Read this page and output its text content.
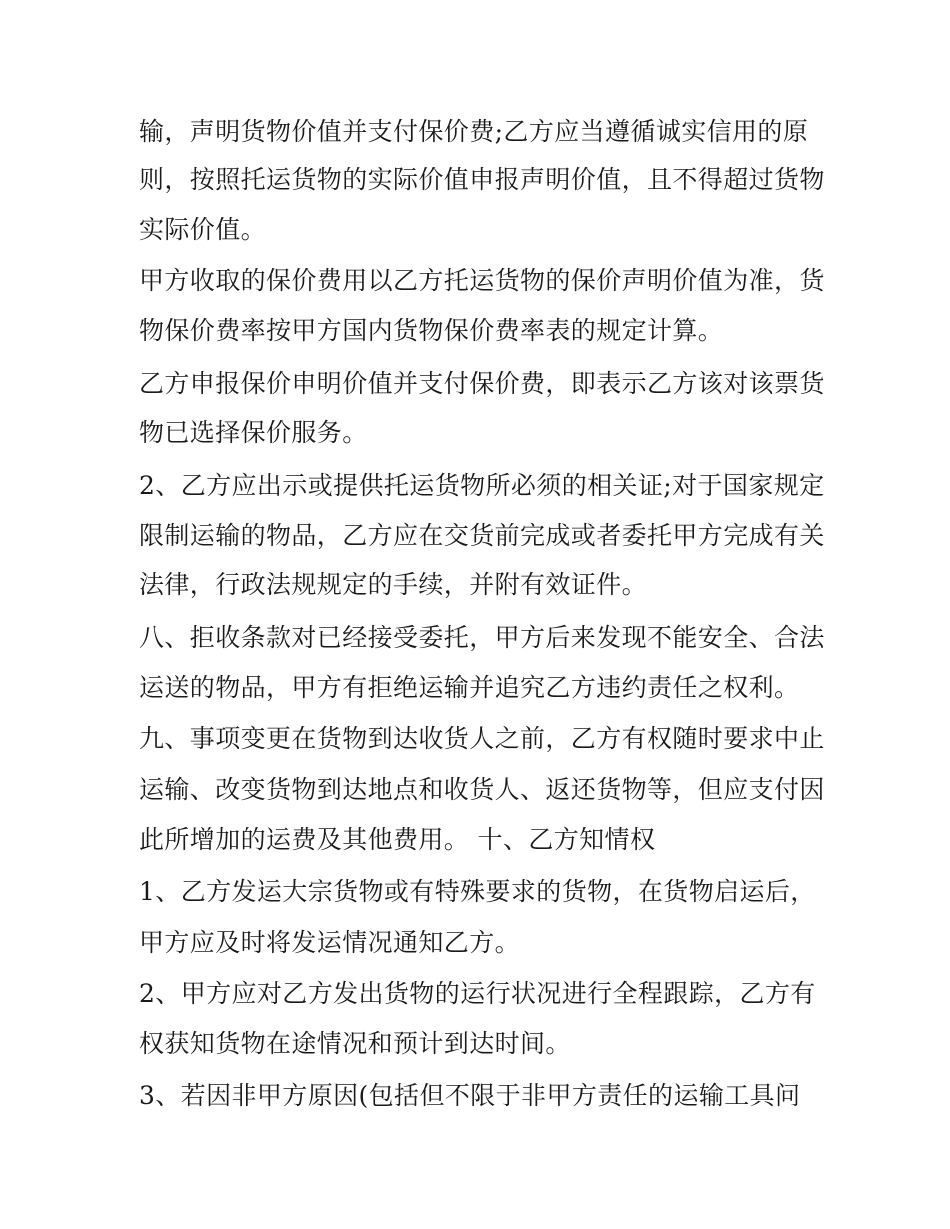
输，声明货物价值并支付保价费;乙方应当遵循诚实信用的原
则，按照托运货物的实际价值申报声明价值，且不得超过货物
实际价值。
甲方收取的保价费用以乙方托运货物的保价声明价值为准，货
物保价费率按甲方国内货物保价费率表的规定计算。
乙方申报保价申明价值并支付保价费，即表示乙方该对该票货
物已选择保价服务。
2、乙方应出示或提供托运货物所必须的相关证;对于国家规定
限制运输的物品，乙方应在交货前完成或者委托甲方完成有关
法律，行政法规规定的手续，并附有效证件。
八、拒收条款对已经接受委托，甲方后来发现不能安全、合法
运送的物品，甲方有拒绝运输并追究乙方违约责任之权利。
九、事项变更在货物到达收货人之前，乙方有权随时要求中止
运输、改变货物到达地点和收货人、返还货物等，但应支付因
此所增加的运费及其他费用。 十、乙方知情权
1、乙方发运大宗货物或有特殊要求的货物，在货物启运后，
甲方应及时将发运情况通知乙方。
2、甲方应对乙方发出货物的运行状况进行全程跟踪，乙方有
权获知货物在途情况和预计到达时间。
3、若因非甲方原因(包括但不限于非甲方责任的运输工具问
